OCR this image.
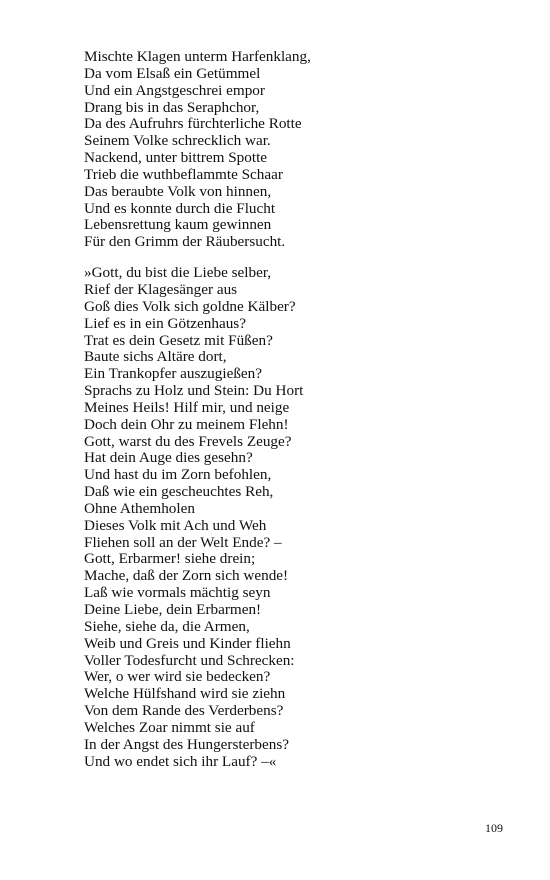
Mischte Klagen unterm Harfenklang,
Da vom Elsaß ein Getümmel
Und ein Angstgeschrei empor
Drang bis in das Seraphchor,
Da des Aufruhrs fürchterliche Rotte
Seinem Volke schrecklich war.
Nackend, unter bittrem Spotte
Trieb die wuthbeflammte Schaar
Das beraubte Volk von hinnen,
Und es konnte durch die Flucht
Lebensrettung kaum gewinnen
Für den Grimm der Räubersucht.
»Gott, du bist die Liebe selber,
Rief der Klagesänger aus
Goß dies Volk sich goldne Kälber?
Lief es in ein Götzenhaus?
Trat es dein Gesetz mit Füßen?
Baute sichs Altäre dort,
Ein Trankopfer auszugießen?
Sprachs zu Holz und Stein: Du Hort
Meines Heils! Hilf mir, und neige
Doch dein Ohr zu meinem Flehn!
Gott, warst du des Frevels Zeuge?
Hat dein Auge dies gesehn?
Und hast du im Zorn befohlen,
Daß wie ein gescheuchtes Reh,
Ohne Athemholen
Dieses Volk mit Ach und Weh
Fliehen soll an der Welt Ende? –
Gott, Erbarmer! siehe drein;
Mache, daß der Zorn sich wende!
Laß wie vormals mächtig seyn
Deine Liebe, dein Erbarmen!
Siehe, siehe da, die Armen,
Weib und Greis und Kinder fliehn
Voller Todesfurcht und Schrecken:
Wer, o wer wird sie bedecken?
Welche Hülfshand wird sie ziehn
Von dem Rande des Verderbens?
Welches Zoar nimmt sie auf
In der Angst des Hungersterbens?
Und wo endet sich ihr Lauf? –«
109
